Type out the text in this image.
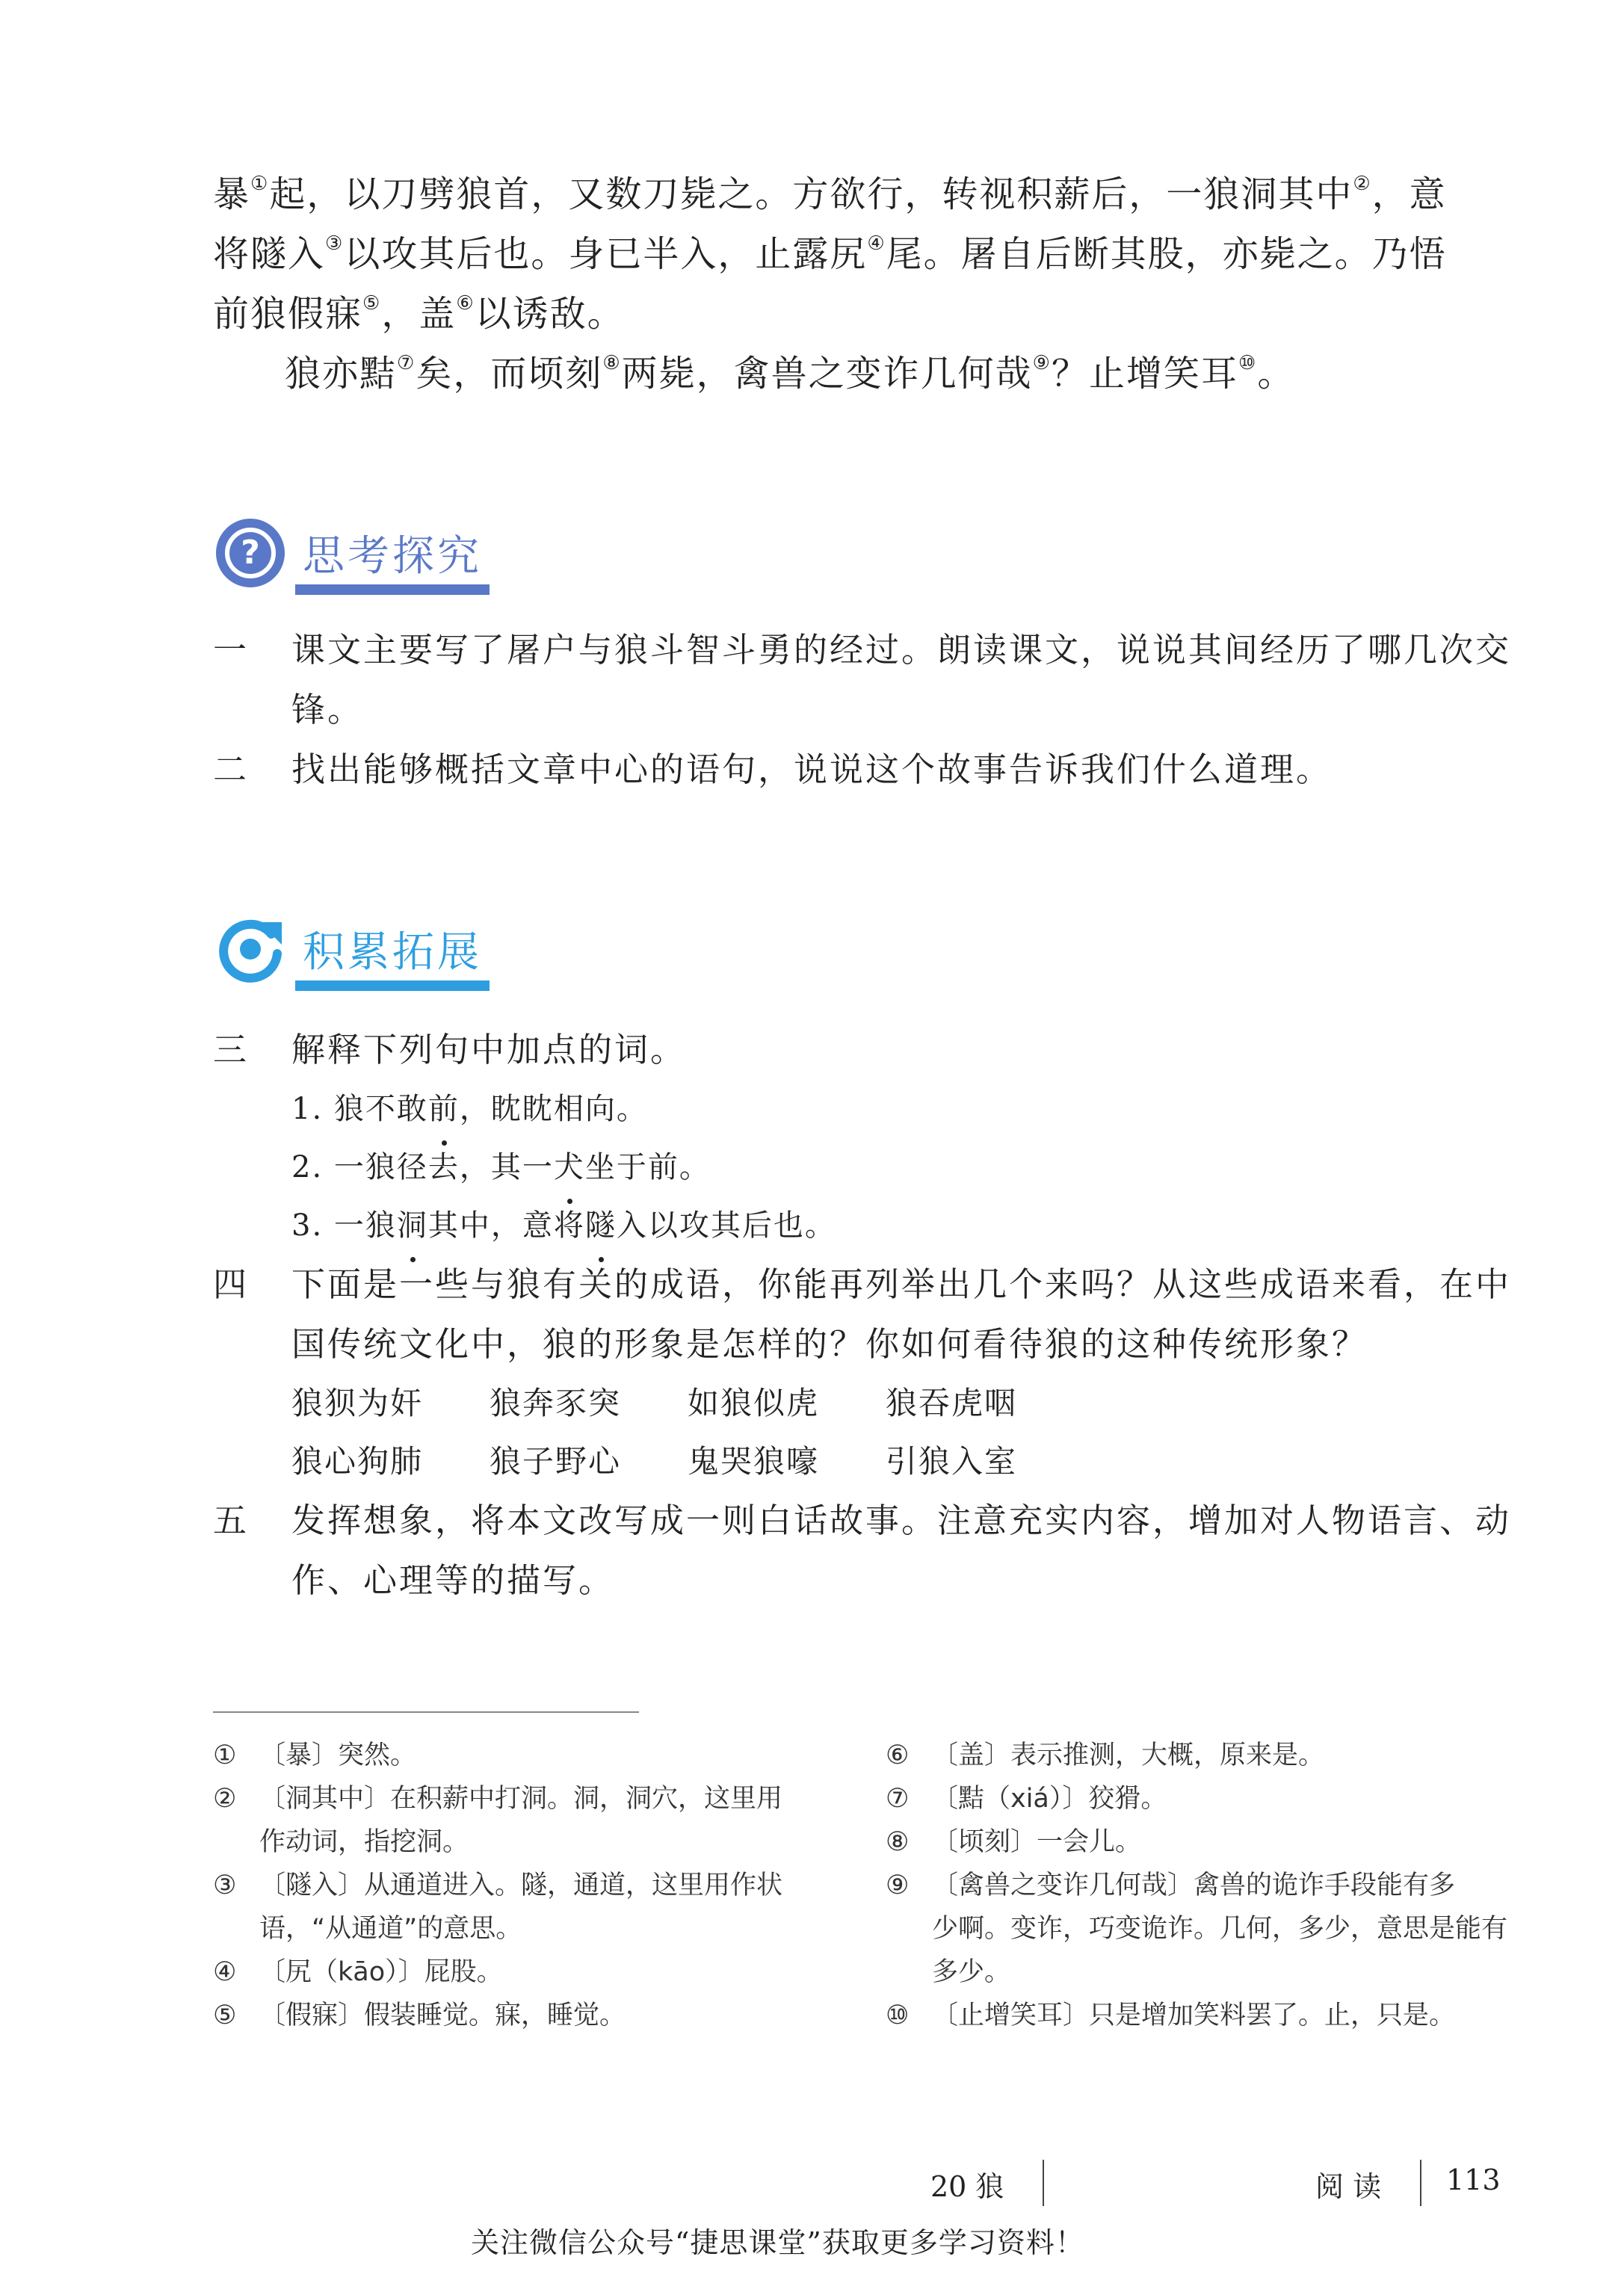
暴①起，以刀劈狼首，又数刀毙之。方欲行，转视积薪后，一狼洞其中②，意
将隧入③以攻其后也。身已半入，止露尻④尾。屠自后断其股，亦毙之。乃悟
前狼假寐⑤，盖⑥以诱敌。
狼亦黠⑦矣，而顷刻⑧两毙，禽兽之变诈几何哉⑨？止增笑耳⑩。
? 思考探究
一	课文主要写了屠户与狼斗智斗勇的经过。朗读课文，说说其间经历了哪几次交锋。
二	找出能够概括文章中心的语句，说说这个故事告诉我们什么道理。
积累拓展
三	解释下列句中加点的词。
1. 狼不敢前，眈眈相向。
2. 一狼径去，其一犬坐于前。
3. 一狼洞其中，意将隧入以攻其后也。
四	下面是一些与狼有关的成语，你能再列举出几个来吗？从这些成语来看，在中国传统文化中，狼的形象是怎样的？你如何看待狼的这种传统形象？
狼狈为奸	狼奔豕突	如狼似虎	狼吞虎咽
狼心狗肺	狼子野心	鬼哭狼嚎	引狼入室
五	发挥想象，将本文改写成一则白话故事。注意充实内容，增加对人物语言、动作、心理等的描写。
① 〔暴〕突然。
② 〔洞其中〕在积薪中打洞。洞，洞穴，这里用
作动词，指挖洞。
③ 〔隧入〕从通道进入。隧，通道，这里用作状
语，“从通道”的意思。
④ 〔尻（kāo）〕屁股。
⑤ 〔假寐〕假装睡觉。寐，睡觉。
⑥ 〔盖〕表示推测，大概，原来是。
⑦ 〔黠（xiá）〕狡猾。
⑧ 〔顷刻〕一会儿。
⑨ 〔禽兽之变诈几何哉〕禽兽的诡诈手段能有多
少啊。变诈，巧变诡诈。几何，多少，意思是能有多少。
⑩ 〔止增笑耳〕只是增加笑料罢了。止，只是。
20 狼	阅 读 113
关注微信公众号“捷思课堂”获取更多学习资料！
